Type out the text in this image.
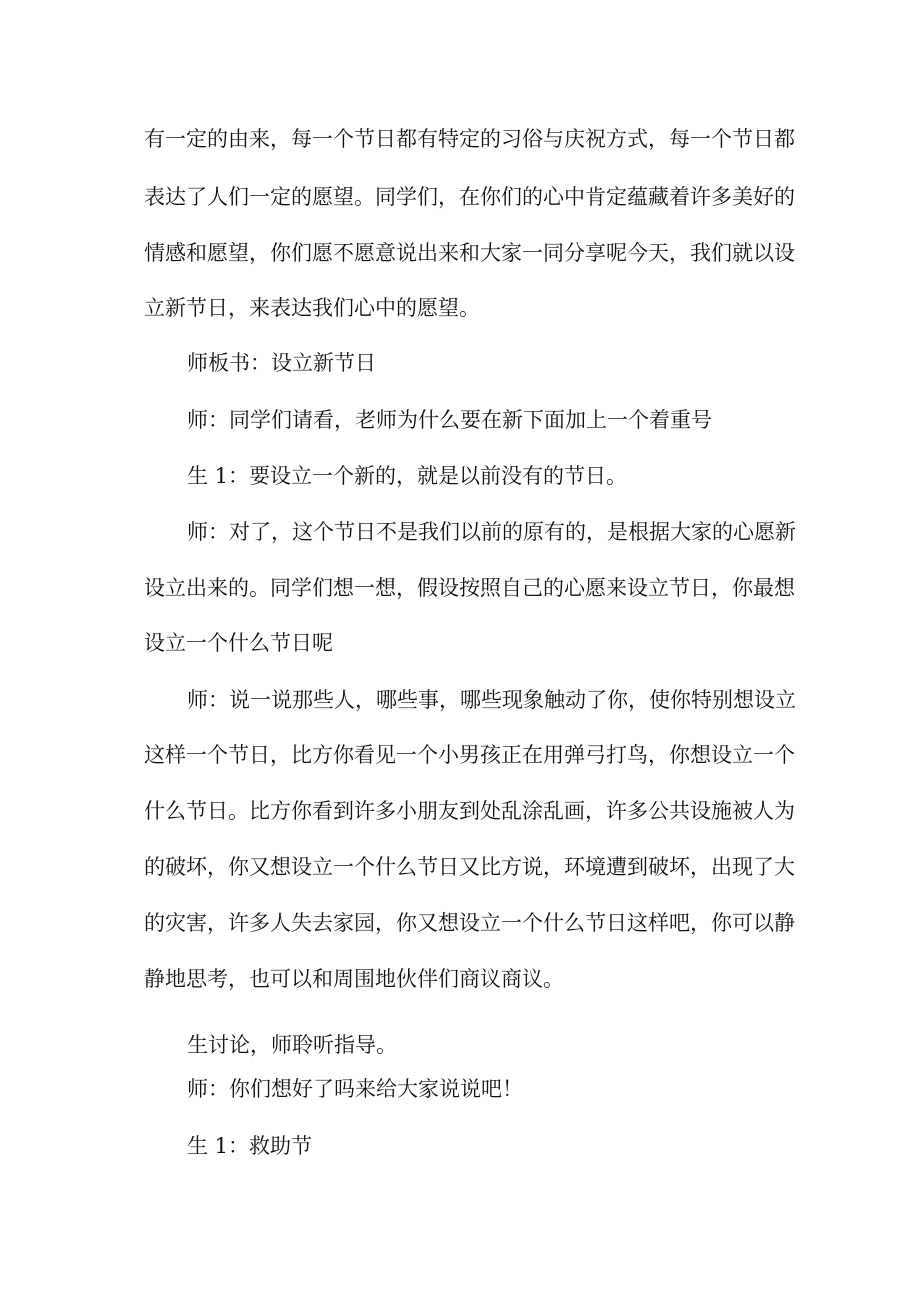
有一定的由来，每一个节日都有特定的习俗与庆祝方式，每一个节日都
表达了人们一定的愿望。同学们，在你们的心中肯定蕴藏着许多美好的
情感和愿望，你们愿不愿意说出来和大家一同分享呢今天，我们就以设
立新节日，来表达我们心中的愿望。
师板书：设立新节日
师：同学们请看，老师为什么要在新下面加上一个着重号
生 1：要设立一个新的，就是以前没有的节日。
师：对了，这个节日不是我们以前的原有的，是根据大家的心愿新
设立出来的。同学们想一想，假设按照自己的心愿来设立节日，你最想
设立一个什么节日呢
师：说一说那些人，哪些事，哪些现象触动了你，使你特别想设立
这样一个节日，比方你看见一个小男孩正在用弹弓打鸟，你想设立一个
什么节日。比方你看到许多小朋友到处乱涂乱画，许多公共设施被人为
的破坏，你又想设立一个什么节日又比方说，环境遭到破坏，出现了大
的灾害，许多人失去家园，你又想设立一个什么节日这样吧，你可以静
静地思考，也可以和周围地伙伴们商议商议。
生讨论，师聆听指导。
师：你们想好了吗来给大家说说吧！
生 1：救助节
